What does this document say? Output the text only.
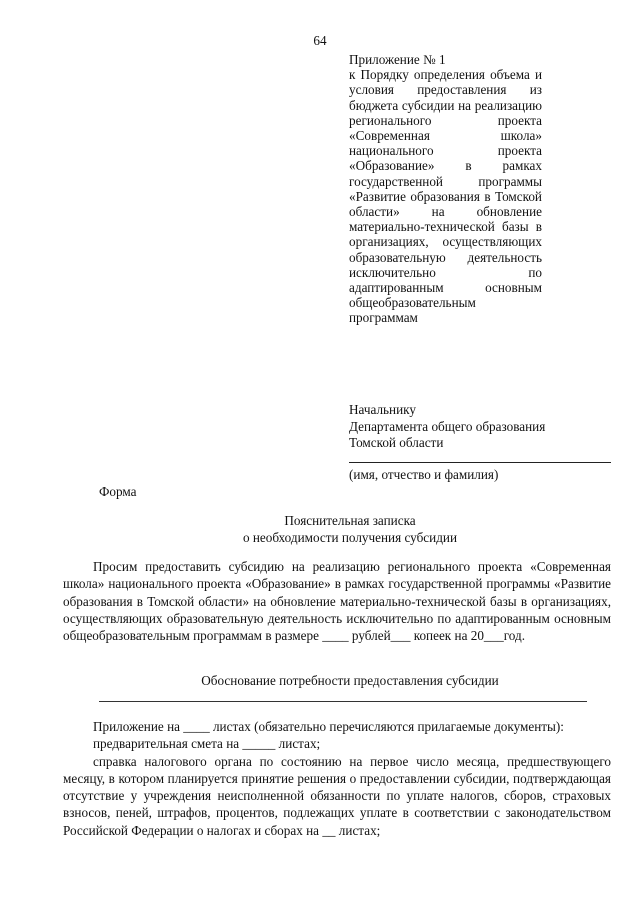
64
Приложение № 1
к Порядку определения объема и условия предоставления из бюджета субсидии на реализацию регионального проекта «Современная школа» национального проекта «Образование» в рамках государственной программы «Развитие образования в Томской области» на обновление материально-технической базы в организациях, осуществляющих образовательную деятельность исключительно по адаптированным основным общеобразовательным программам
Начальнику
Департамента общего образования
Томской области
(имя, отчество и фамилия)
Форма
Пояснительная записка
о необходимости получения субсидии
Просим предоставить субсидию на реализацию регионального проекта «Современная школа» национального проекта «Образование» в рамках государственной программы «Развитие образования в Томской области» на обновление материально-технической базы в организациях, осуществляющих образовательную деятельность исключительно по адаптированным основным общеобразовательным программам в размере ____ рублей___ копеек на 20___год.
Обоснование потребности предоставления субсидии
Приложение на ____ листах (обязательно перечисляются прилагаемые документы):
предварительная смета на _____ листах;
справка налогового органа по состоянию на первое число месяца, предшествующего месяцу, в котором планируется принятие решения о предоставлении субсидии, подтверждающая отсутствие у учреждения неисполненной обязанности по уплате налогов, сборов, страховых взносов, пеней, штрафов, процентов, подлежащих уплате в соответствии с законодательством Российской Федерации о налогах и сборах на __ листах;
